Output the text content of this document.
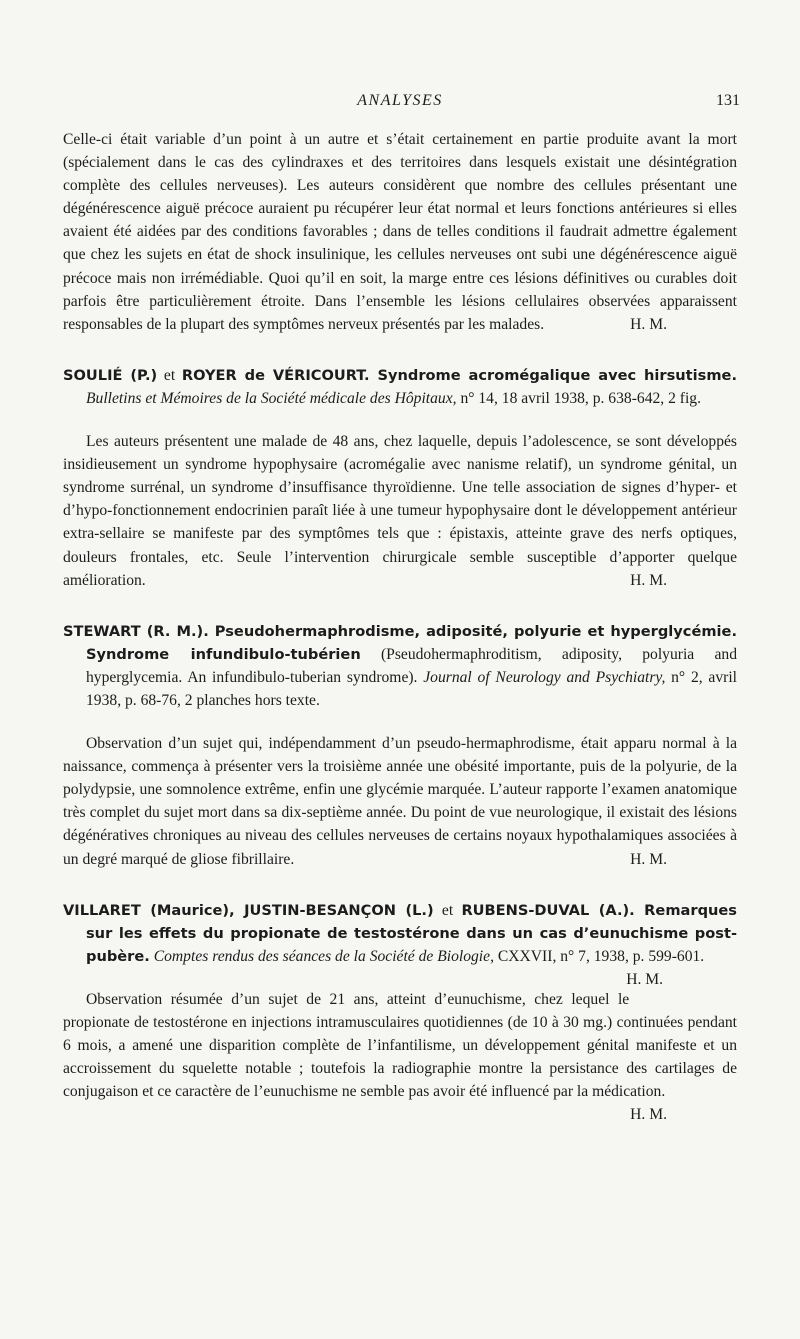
ANALYSES	131

Celle-ci était variable d’un point à un autre et s’était certainement en partie produite avant la mort (spécialement dans le cas des cylindraxes et des territoires dans lesquels existait une désintégration complète des cellules nerveuses). Les auteurs considèrent que nombre des cellules présentant une dégénérescence aiguë précoce auraient pu récupérer leur état normal et leurs fonctions antérieures si elles avaient été aidées par des conditions favorables ; dans de telles conditions il faudrait admettre également que chez les sujets en état de shock insulinique, les cellules nerveuses ont subi une dégénérescence aiguë précoce mais non irrémédiable. Quoi qu’il en soit, la marge entre ces lésions définitives ou curables doit parfois être particulièrement étroite. Dans l’ensemble les lésions cellulaires observées apparaissent responsables de la plupart des symptômes nerveux présentés par les malades.	H. M.

SOULIÉ (P.) et ROYER de VÉRICOURT. Syndrome acromégalique avec hirsutisme. Bulletins et Mémoires de la Société médicale des Hôpitaux, n° 14, 18 avril 1938, p. 638-642, 2 fig.

Les auteurs présentent une malade de 48 ans, chez laquelle, depuis l’adolescence, se sont développés insidieusement un syndrome hypophysaire (acromégalie avec nanisme relatif), un syndrome génital, un syndrome surrénal, un syndrome d’insuffisance thyroïdienne. Une telle association de signes d’hyper- et d’hypo-fonctionnement endocrinien paraît liée à une tumeur hypophysaire dont le développement antérieur extra-sellaire se manifeste par des symptômes tels que : épistaxis, atteinte grave des nerfs optiques, douleurs frontales, etc. Seule l’intervention chirurgicale semble susceptible d’apporter quelque amélioration.	H. M.

STEWART (R. M.). Pseudohermaphrodisme, adiposité, polyurie et hyperglycémie. Syndrome infundibulo-tubérien (Pseudohermaphroditism, adiposity, polyuria and hyperglycemia. An infundibulo-tuberian syndrome). Journal of Neurology and Psychiatry, n° 2, avril 1938, p. 68-76, 2 planches hors texte.

Observation d’un sujet qui, indépendamment d’un pseudo-hermaphrodisme, était apparu normal à la naissance, commença à présenter vers la troisième année une obésité importante, puis de la polyurie, de la polydypsie, une somnolence extrême, enfin une glycémie marquée. L’auteur rapporte l’examen anatomique très complet du sujet mort dans sa dix-septième année. Du point de vue neurologique, il existait des lésions dégénératives chroniques au niveau des cellules nerveuses de certains noyaux hypothalamiques associées à un degré marqué de gliose fibrillaire.	H. M.

VILLARET (Maurice), JUSTIN-BESANÇON (L.) et RUBENS-DUVAL (A.). Remarques sur les effets du propionate de testostérone dans un cas d’eunuchisme post-pubère. Comptes rendus des séances de la Société de Biologie, CXXVII, n° 7, 1938, p. 599-601.
H. M.

Observation résumée d’un sujet de 21 ans, atteint d’eunuchisme, chez lequel le propionate de testostérone en injections intramusculaires quotidiennes (de 10 à 30 mg.) continuées pendant 6 mois, a amené une disparition complète de l’infantilisme, un développement génital manifeste et un accroissement du squelette notable ; toutefois la radiographie montre la persistance des cartilages de conjugaison et ce caractère de l’eunuchisme ne semble pas avoir été influencé par la médication.
H. M.
